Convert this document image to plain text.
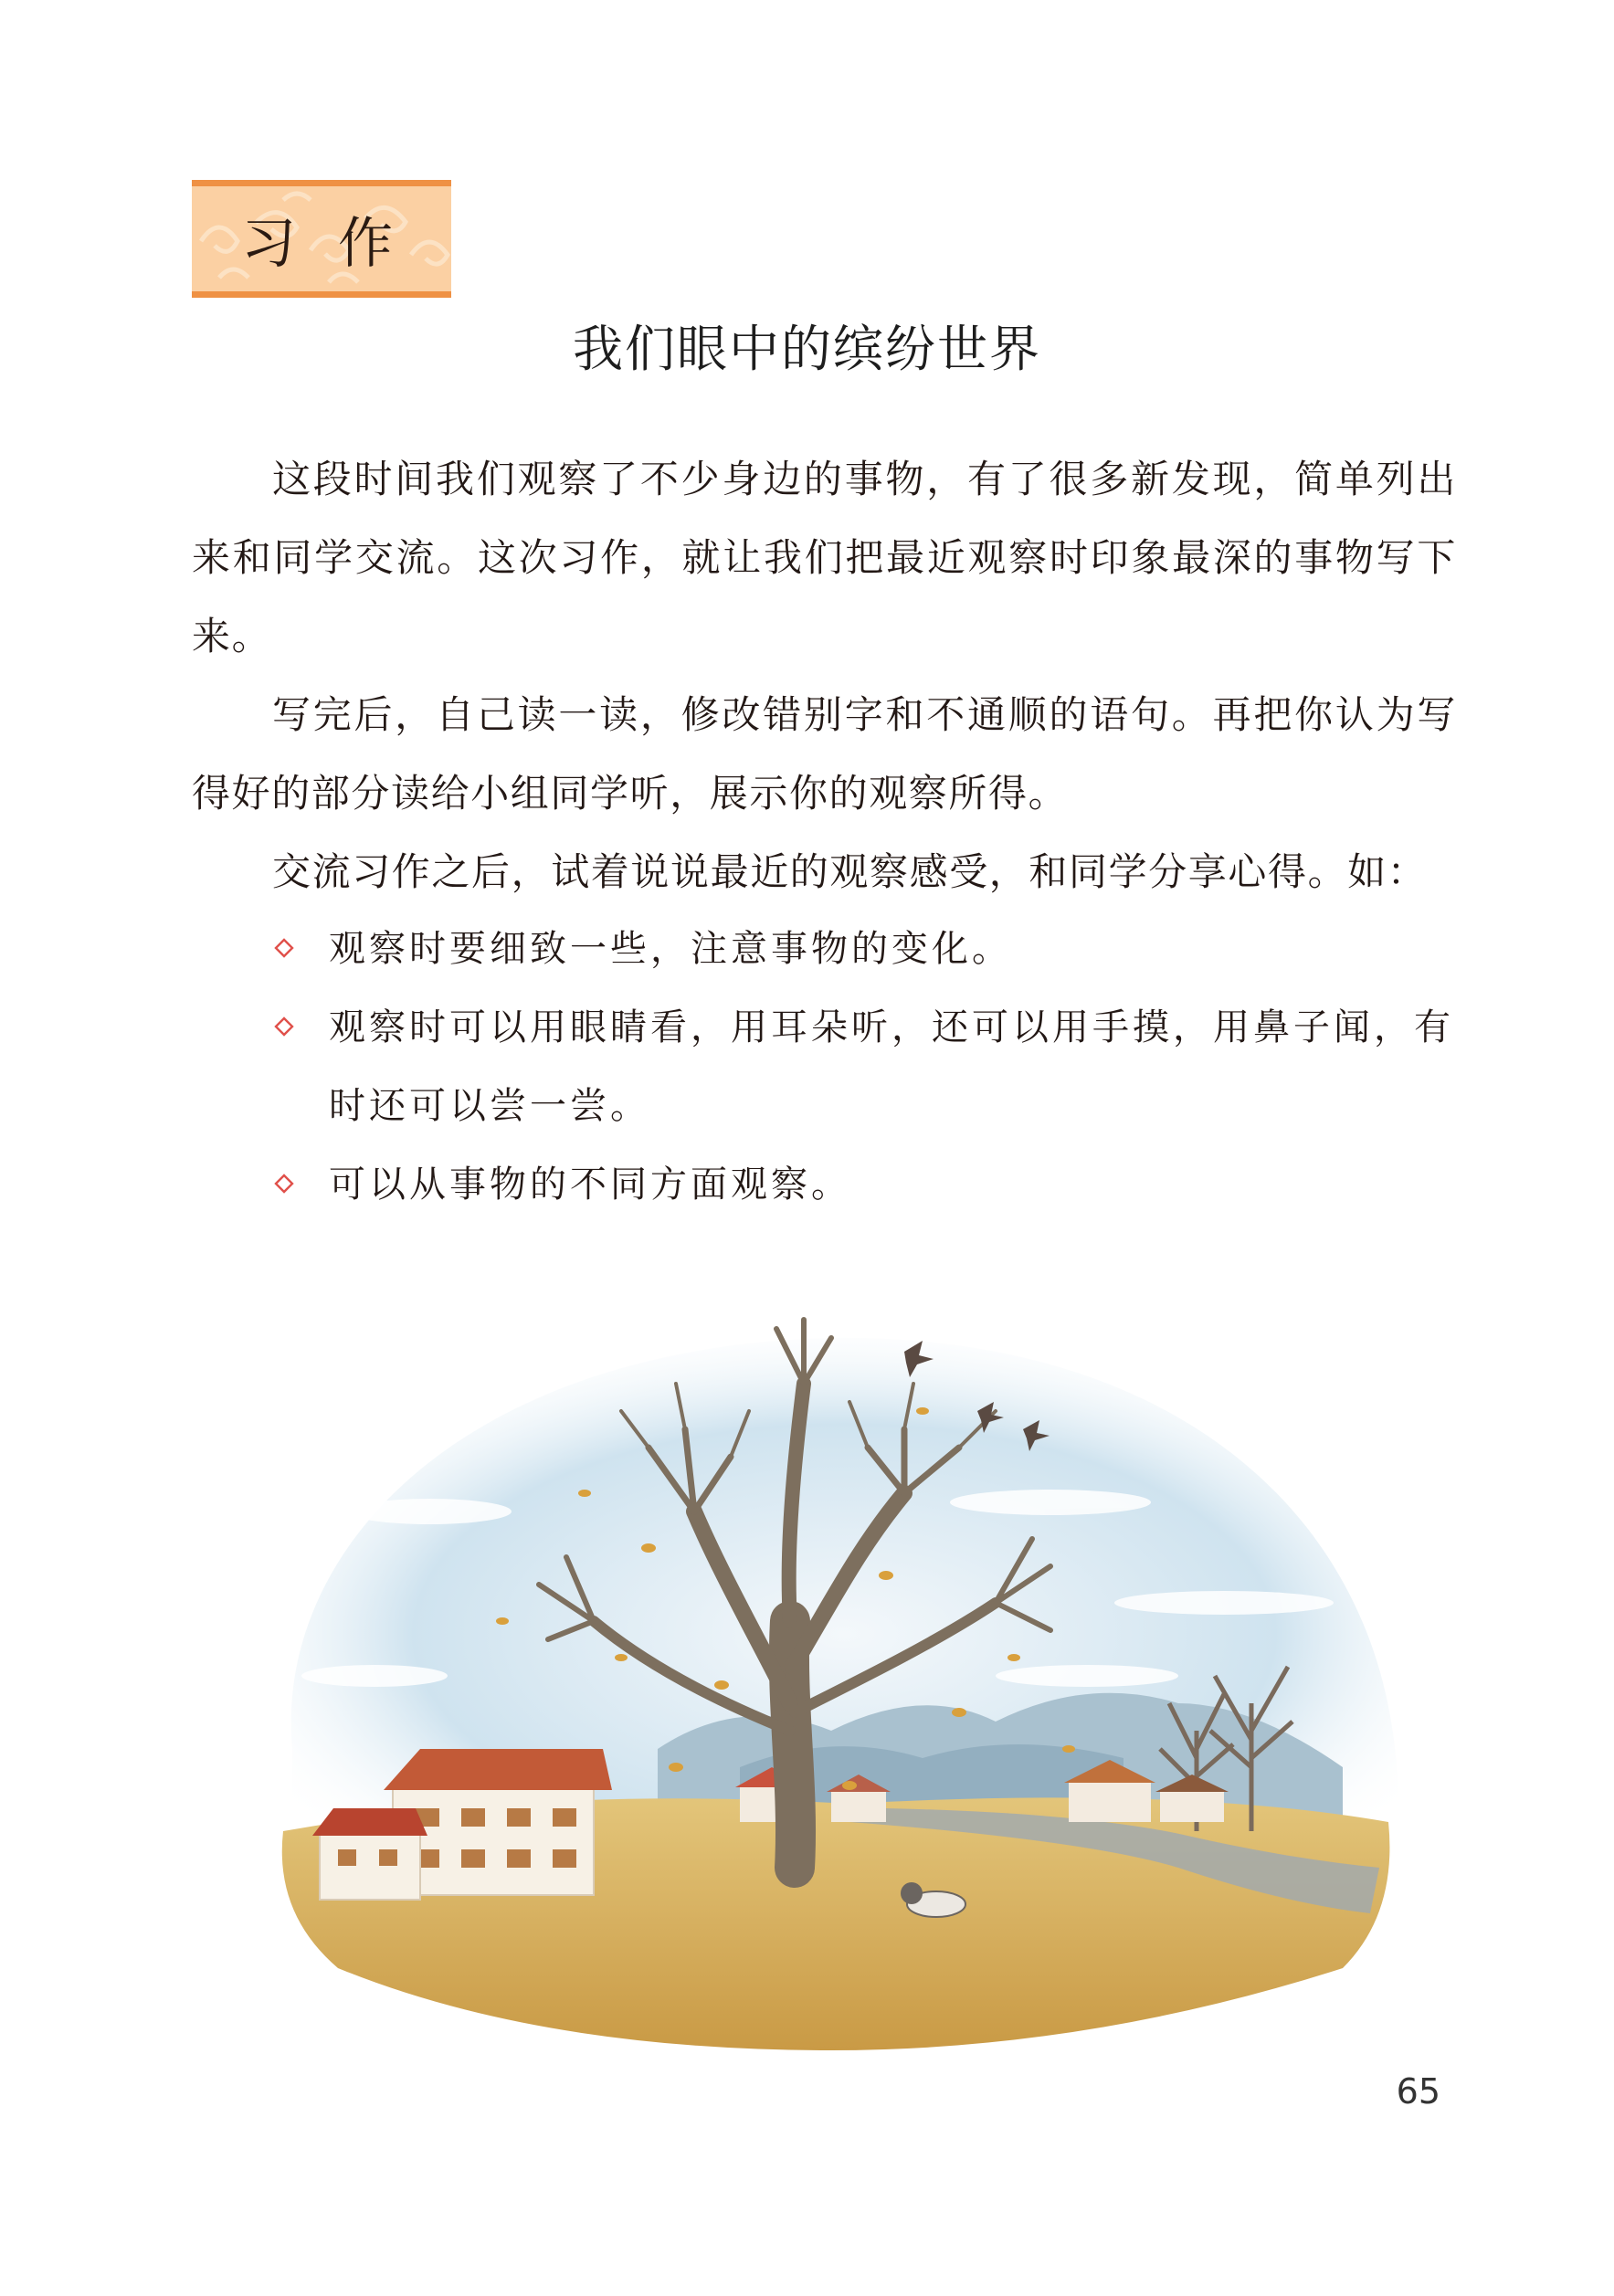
习作
我们眼中的缤纷世界

这段时间我们观察了不少身边的事物，有了很多新发现，简单列出来和同学交流。这次习作，就让我们把最近观察时印象最深的事物写下来。

写完后，自己读一读，修改错别字和不通顺的语句。再把你认为写得好的部分读给小组同学听，展示你的观察所得。

交流习作之后，试着说说最近的观察感受，和同学分享心得。如：

观察时要细致一些，注意事物的变化。
观察时可以用眼睛看，用耳朵听，还可以用手摸，用鼻子闻，有时还可以尝一尝。
可以从事物的不同方面观察。
65
